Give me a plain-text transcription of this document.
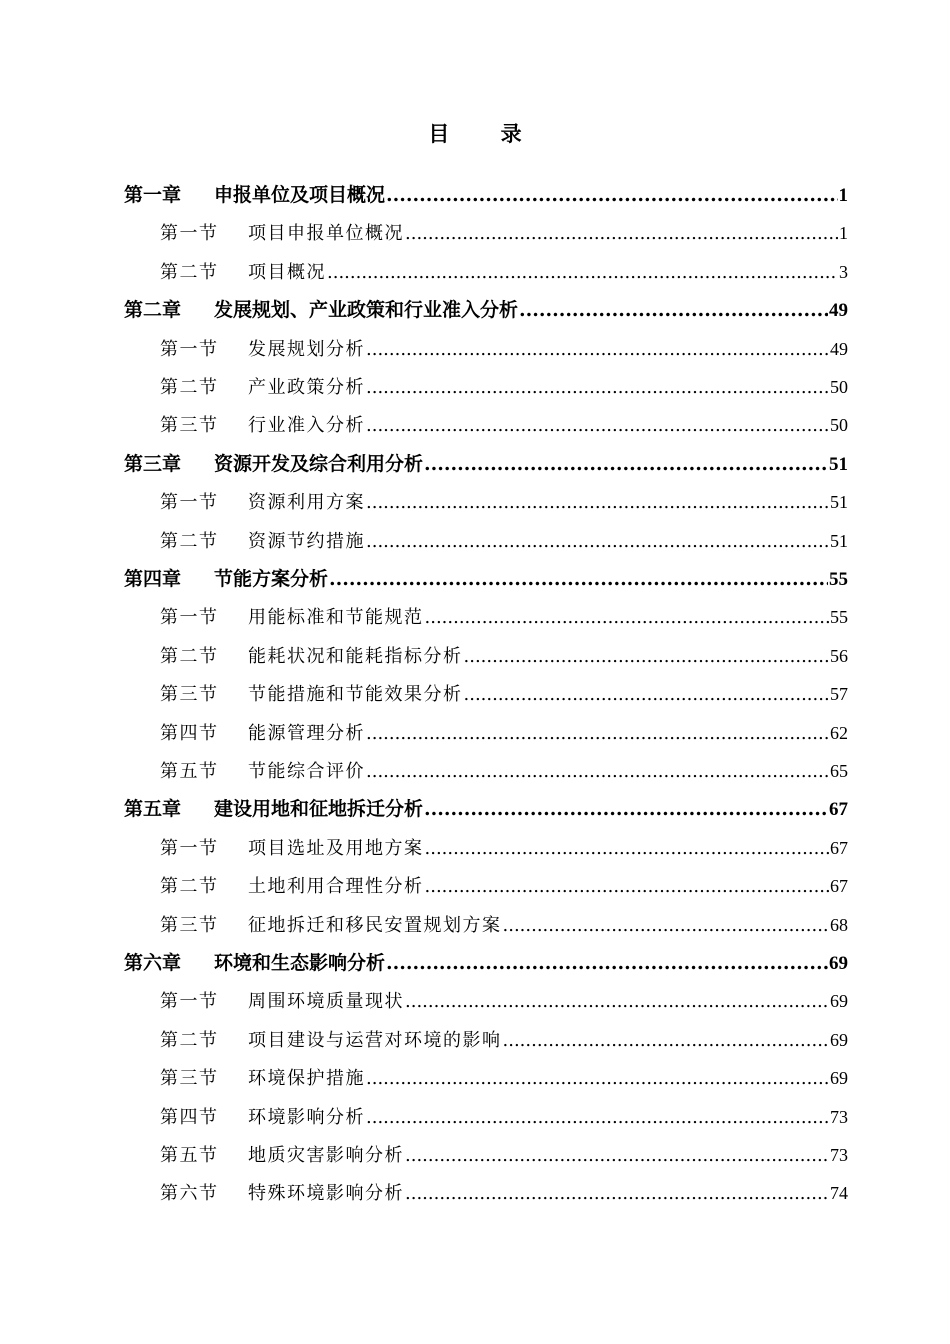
目 录
第一章	申报单位及项目概况 .....	1
第一节	项目申报单位概况 .....	1
第二节	项目概况 .....	3
第二章	发展规划、产业政策和行业准入分析 .....	49
第一节	发展规划分析 .....	49
第二节	产业政策分析 .....	50
第三节	行业准入分析 .....	50
第三章	资源开发及综合利用分析 .....	51
第一节	资源利用方案 .....	51
第二节	资源节约措施 .....	51
第四章	节能方案分析 .....	55
第一节	用能标准和节能规范 .....	55
第二节	能耗状况和能耗指标分析 .....	56
第三节	节能措施和节能效果分析 .....	57
第四节	能源管理分析 .....	62
第五节	节能综合评价 .....	65
第五章	建设用地和征地拆迁分析 .....	67
第一节	项目选址及用地方案 .....	67
第二节	土地利用合理性分析 .....	67
第三节	征地拆迁和移民安置规划方案 .....	68
第六章	环境和生态影响分析 .....	69
第一节	周围环境质量现状 .....	69
第二节	项目建设与运营对环境的影响 .....	69
第三节	环境保护措施 .....	69
第四节	环境影响分析 .....	73
第五节	地质灾害影响分析 .....	73
第六节	特殊环境影响分析 .....	74
